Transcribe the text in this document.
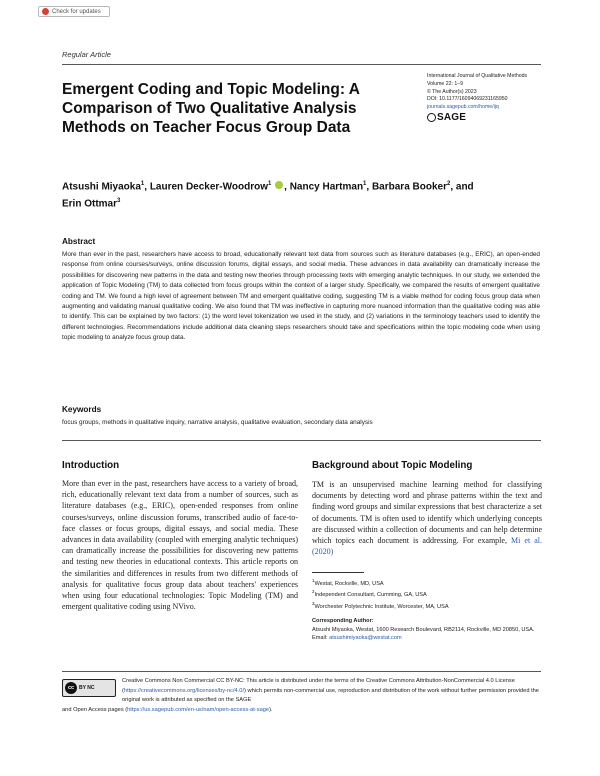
Check for updates
Regular Article
Emergent Coding and Topic Modeling: A Comparison of Two Qualitative Analysis Methods on Teacher Focus Group Data
International Journal of Qualitative Methods
Volume 22: 1–9
© The Author(s) 2023
DOI: 10.1177/16094069231165950
journals.sagepub.com/home/ijq
SAGE
Atsushi Miyaoka$^1$, Lauren Decker-Woodrow$^1$ , Nancy Hartman$^1$, Barbara Booker$^2$, and
Erin Ottmar$^3$
Abstract

More than ever in the past, researchers have access to broad, educationally relevant text data from sources such as literature databases (e.g., ERIC), an open-ended response from online courses/surveys, online discussion forums, digital essays, and social media. These advances in data availability can dramatically increase the possibilities for discovering new patterns in the data and testing new theories through processing texts with emerging analytic techniques. In our study, we extended the application of Topic Modeling (TM) to data collected from focus groups within the context of a larger study. Specifically, we compared the results of emergent qualitative coding and TM. We found a high level of agreement between TM and emergent qualitative coding, suggesting TM is a viable method for coding focus group data when augmenting and validating manual qualitative coding. We also found that TM was ineffective in capturing more nuanced information than the qualitative coding was able to identify. This can be explained by two factors: (1) the word level tokenization we used in the study, and (2) variations in the terminology teachers used to identify the different technologies. Recommendations include additional data cleaning steps researchers should take and specifications within the topic modeling code when using topic modeling to analyze focus group data.

Keywords

focus groups, methods in qualitative inquiry, narrative analysis, qualitative evaluation, secondary data analysis

Introduction

More than ever in the past, researchers have access to a variety of broad, rich, educationally relevant text data from a number of sources, such as literature databases (e.g., ERIC), open-ended responses from online courses/surveys, online discussion forums, transcribed audio of face-to-face classes or focus groups, digital essays, and social media. These advances in data availability (coupled with emerging analytic techniques) can dramatically increase the possibilities for discovering new patterns and testing new theories in educational contexts. This article reports on the similarities and differences in results from two different methods of analysis for qualitative focus group data about teachers' experiences when using four educational technologies: Topic Modeling (TM) and emergent qualitative coding using NVivo.

Background about Topic Modeling

TM is an unsupervised machine learning method for classifying documents by detecting word and phrase patterns within the text and finding word groups and similar expressions that best characterize a set of documents. TM is often used to identify which underlying concepts are discussed within a collection of documents and can help determine which topics each document is addressing. For example, Mi et al. (2020)

$^1$Westat, Rockville, MD, USA
$^2$Independent Consultant, Cumming, GA, USA
$^3$Worchester Polytechnic Institute, Worcester, MA, USA
Corresponding Author:
Atsushi Miyaoka, Westat, 1600 Research Boulevard, RB2114, Rockville, MD 20850, USA.
Email: atsushimiyaoka@westat.com
cc BY NC

Creative Commons Non Commercial CC BY-NC: This article is distributed under the terms of the Creative Commons Attribution-NonCommercial 4.0 License (https://creativecommons.org/licenses/by-nc/4.0/) which permits non-commercial use, reproduction and distribution of the work without further permission provided the original work is attributed as specified on the SAGE

and Open Access pages (https://us.sagepub.com/en-us/nam/open-access-at-sage).
